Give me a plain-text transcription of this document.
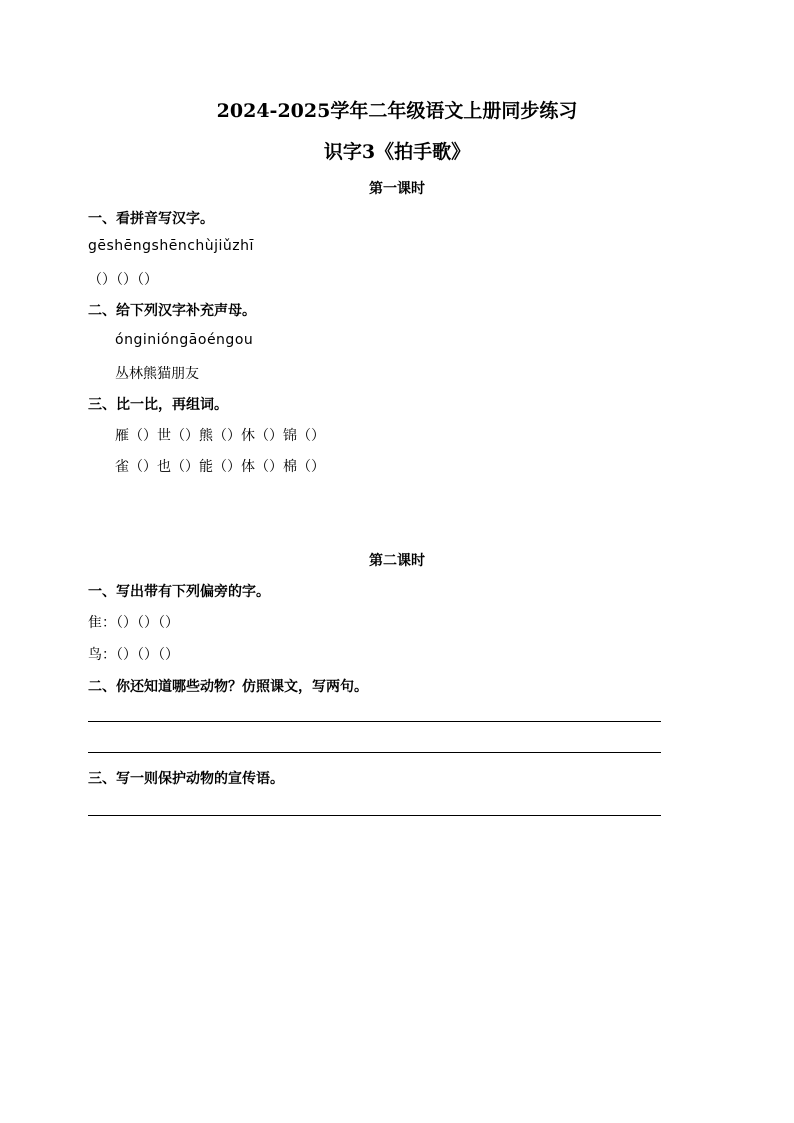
2024-2025学年二年级语文上册同步练习
识字3《拍手歌》
第一课时
一、看拼音写汉字。
gēshēngshēnchùjiǔzhī
（）（）（）
二、给下列汉字补充声母。
ónginióngāoéngou
丛林熊猫朋友
三、比一比，再组词。
雁（）世（）熊（）休（）锦（）
雀（）也（）能（）体（）棉（）
第二课时
一、写出带有下列偏旁的字。
隹：（）（）（）
鸟：（）（）（）
二、你还知道哪些动物？仿照课文，写两句。
三、写一则保护动物的宣传语。
